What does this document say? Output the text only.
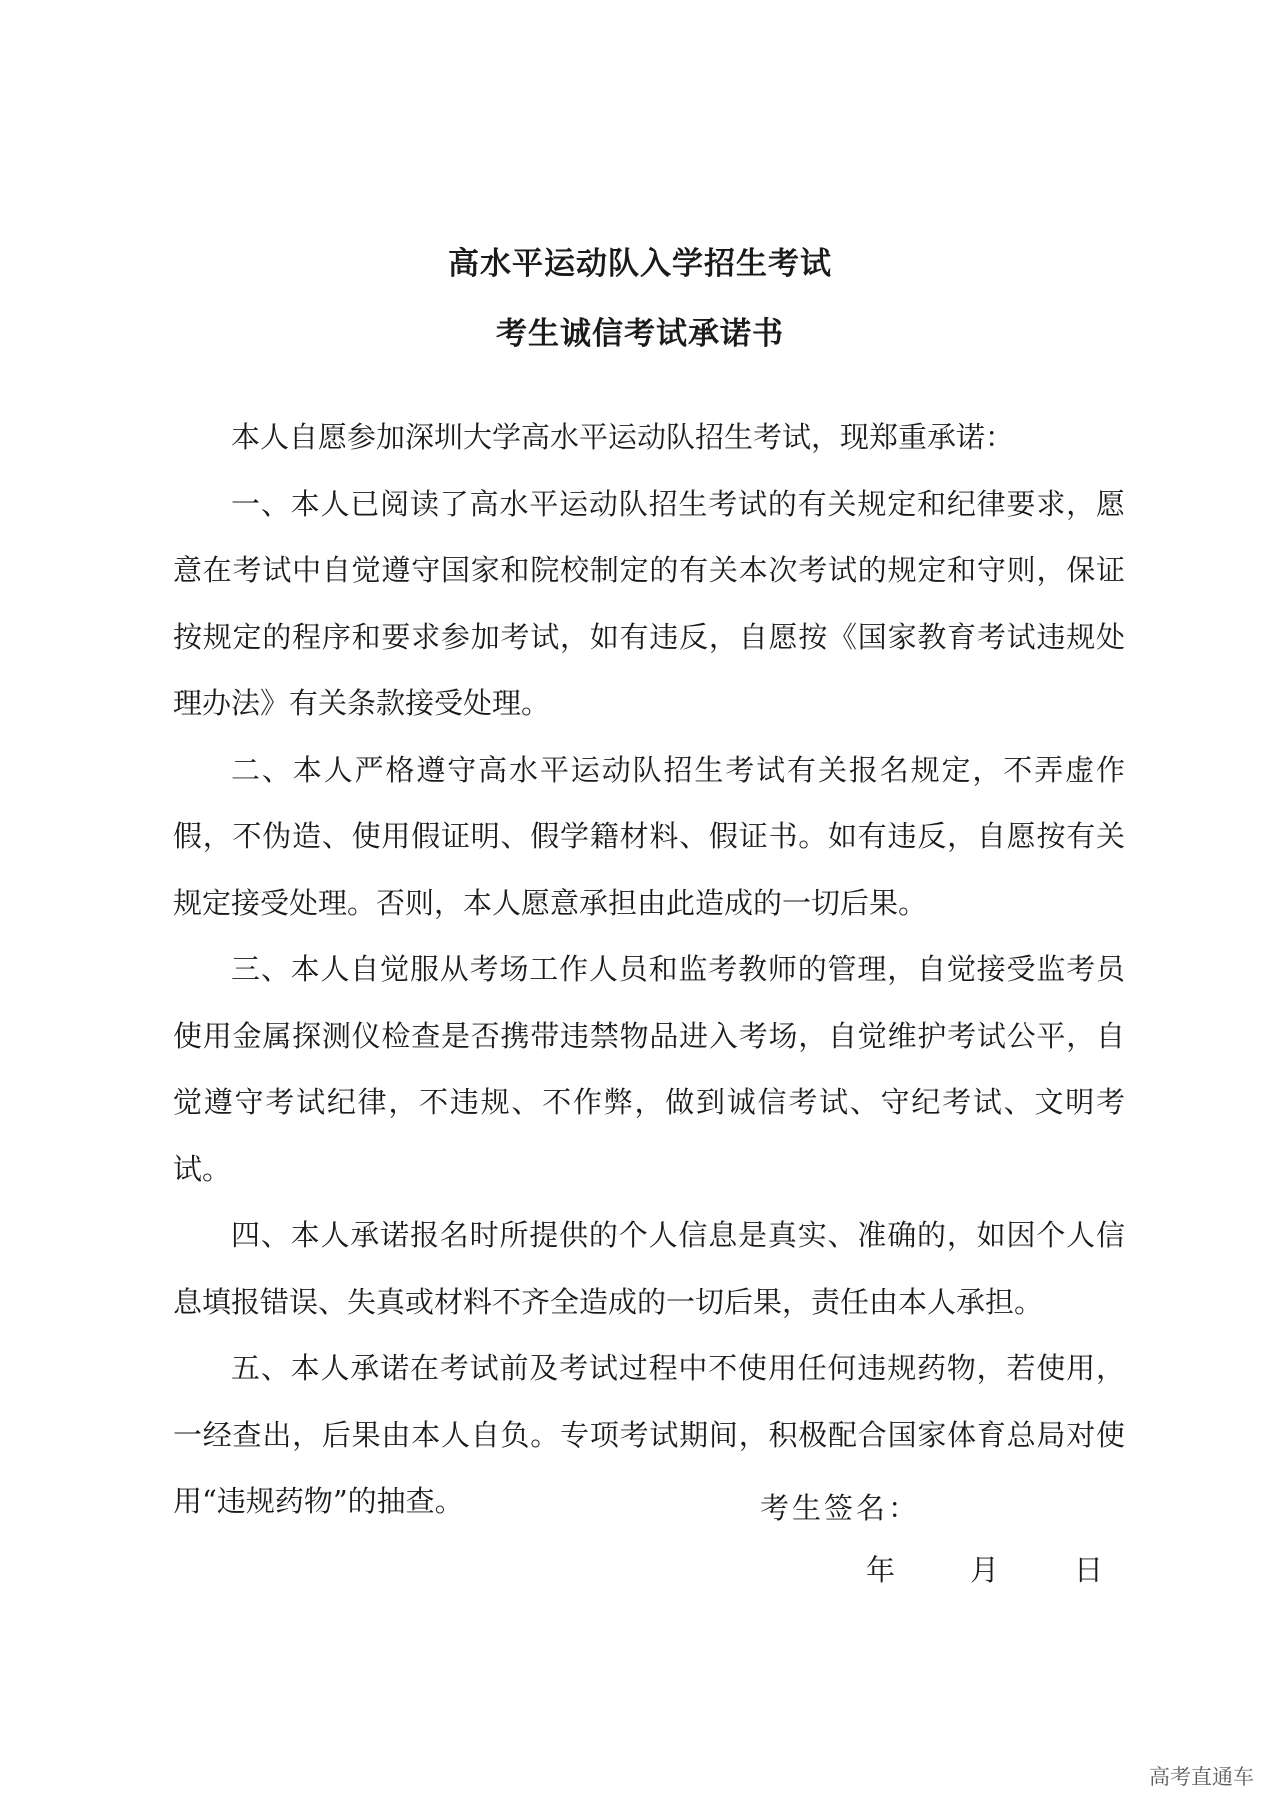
高水平运动队入学招生考试
考生诚信考试承诺书

本人自愿参加深圳大学高水平运动队招生考试，现郑重承诺：

一、本人已阅读了高水平运动队招生考试的有关规定和纪律要求，愿意在考试中自觉遵守国家和院校制定的有关本次考试的规定和守则，保证按规定的程序和要求参加考试，如有违反，自愿按《国家教育考试违规处理办法》有关条款接受处理。

二、本人严格遵守高水平运动队招生考试有关报名规定，不弄虚作假，不伪造、使用假证明、假学籍材料、假证书。如有违反，自愿按有关规定接受处理。否则，本人愿意承担由此造成的一切后果。

三、本人自觉服从考场工作人员和监考教师的管理，自觉接受监考员使用金属探测仪检查是否携带违禁物品进入考场，自觉维护考试公平，自觉遵守考试纪律，不违规、不作弊，做到诚信考试、守纪考试、文明考试。

四、本人承诺报名时所提供的个人信息是真实、准确的，如因个人信息填报错误、失真或材料不齐全造成的一切后果，责任由本人承担。

五、本人承诺在考试前及考试过程中不使用任何违规药物，若使用，一经查出，后果由本人自负。专项考试期间，积极配合国家体育总局对使用“违规药物”的抽查。	考生签名：
年	月	日
高考直通车
